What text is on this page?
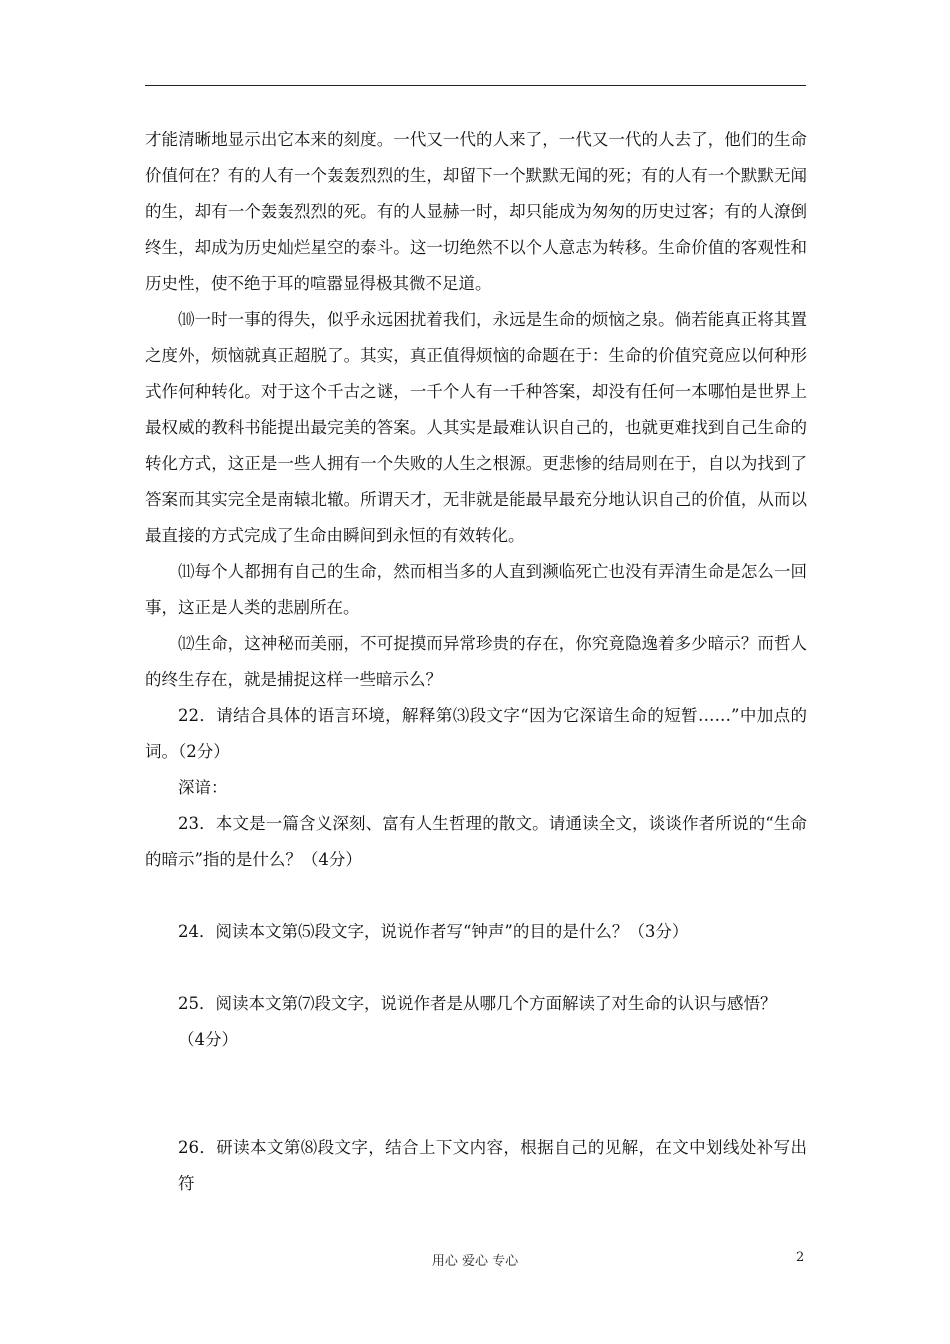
才能清晰地显示出它本来的刻度。一代又一代的人来了，一代又一代的人去了，他们的生命价值何在？有的人有一个轰轰烈烈的生，却留下一个默默无闻的死；有的人有一个默默无闻的生，却有一个轰轰烈烈的死。有的人显赫一时，却只能成为匆匆的历史过客；有的人潦倒终生，却成为历史灿烂星空的泰斗。这一切绝然不以个人意志为转移。生命价值的客观性和历史性，使不绝于耳的喧嚣显得极其微不足道。

⑽一时一事的得失，似乎永远困扰着我们，永远是生命的烦恼之泉。倘若能真正将其置之度外，烦恼就真正超脱了。其实，真正值得烦恼的命题在于：生命的价值究竟应以何种形式作何种转化。对于这个千古之谜，一千个人有一千种答案，却没有任何一本哪怕是世界上最权威的教科书能提出最完美的答案。人其实是最难认识自己的，也就更难找到自己生命的转化方式，这正是一些人拥有一个失败的人生之根源。更悲惨的结局则在于，自以为找到了答案而其实完全是南辕北辙。所谓天才，无非就是能最早最充分地认识自己的价值，从而以最直接的方式完成了生命由瞬间到永恒的有效转化。

⑾每个人都拥有自己的生命，然而相当多的人直到濒临死亡也没有弄清生命是怎么一回事，这正是人类的悲剧所在。

⑿生命，这神秘而美丽，不可捉摸而异常珍贵的存在，你究竟隐逸着多少暗示？而哲人的终生存在，就是捕捉这样一些暗示么？

22．请结合具体的语言环境，解释第⑶段文字“因为它深谙生命的短暂……”中加点的词。（2分）

深谙：

23．本文是一篇含义深刻、富有人生哲理的散文。请通读全文，谈谈作者所说的“生命的暗示”指的是什么？（4分）

24．阅读本文第⑸段文字，说说作者写“钟声”的目的是什么？（3分）

25．阅读本文第⑺段文字，说说作者是从哪几个方面解读了对生命的认识与感悟？

（4分）

26．研读本文第⑻段文字，结合上下文内容，根据自己的见解，在文中划线处补写出符

用心 爱心 专心	2
